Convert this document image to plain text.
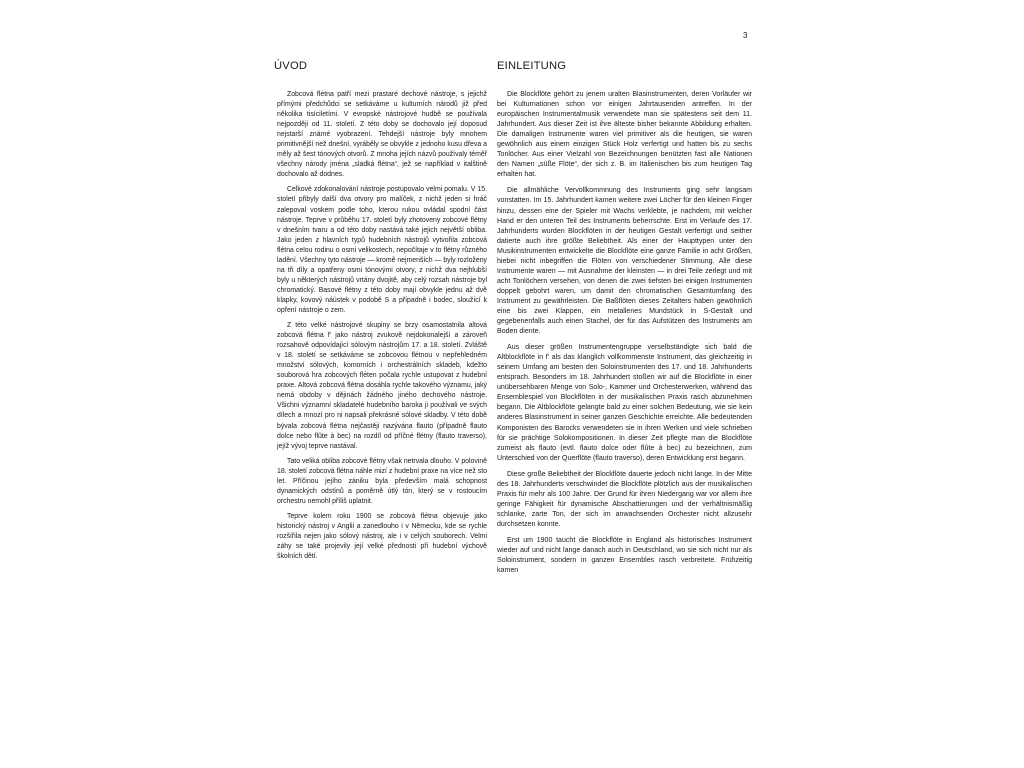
3
ÚVOD

Zobcová flétna patří mezi prastaré dechové nástroje, s jejichž přímými předchůdci se setkáváme u kulturních národů již před několika tisíciletími. V evropské nástrojové hudbě se používala nejpozději od 11. století. Z této doby se dochovalo její doposud nejstarší známé vyobrazení. Tehdejší nástroje byly mnohem primitivnější než dnešní, vyráběly se obvykle z jednoho kusu dřeva a měly až šest tónových otvorů. Z mnoha jejích názvů používaly téměř všechny národy jména „sladká flétna“, jež se například v italštině dochovalo až dodnes.

Celkové zdokonalování nástroje postupovalo velmi pomalu. V 15. století přibyly další dva otvory pro malíček, z nichž jeden si hráč zalepoval voskem podle toho, kterou rukou ovládal spodní část nástroje. Teprve v průběhu 17. století byly zhotoveny zobcové flétny v dnešním tvaru a od této doby nastává také jejich největší obliba. Jako jeden z hlavních typů hudebních nástrojů vytvořila zobcová flétna celou rodinu o osmi velikostech, nepočítaje v to flétny různého ladění. Všechny tyto nástroje — kromě nejmenších — byly rozloženy na tři díly a opatřeny osmi tónovými otvory, z nichž dva nejhlubší byly u některých nástrojů vrtány dvojitě, aby celý rozsah nástroje byl chromatický. Basové flétny z této doby mají obvykle jednu až dvě klapky, kovový náústek v podobě S a případně i bodec, sloužící k opření nástroje o zem.

Z této velké nástrojové skupiny se brzy osamostatnila altová zobcová flétna f' jako nástroj zvukově nejdokonalejší a zároveň rozsahově odpovídající sólovým nástrojům 17. a 18. století. Zvláště v 18. století se setkáváme se zobcovou flétnou v nepřehledném množství sólových, komorních i orchestrálních skladeb, kdežto souborová hra zobcových fléten počala rychle ustupovat z hudební praxe. Altová zobcová flétna dosáhla rychle takového významu, jaký nemá obdoby v dějinách žádného jiného dechového nástroje. Všichni významní skladatelé hudebního baroka ji používali ve svých dílech a mnozí pro ni napsali překrásné sólové skladby. V této době bývala zobcová flétna nejčastěji nazývána flauto (případně flauto dolce nebo flûte à bec) na rozdíl od příčné flétny (flauto traverso), jejíž vývoj teprve nastával.

Tato veliká obliba zobcové flétny však netrvala dlouho. V polovině 18. století zobcová flétna náhle mizí z hudební praxe na více než sto let. Příčinou jejího zániku byla především malá schopnost dynamických odstínů a poměrně útlý tón, který se v rostoucím orchestru nemohl příliš uplatnit.

Teprve kolem roku 1900 se zobcová flétna objevuje jako historický nástroj v Anglii a zanedlouho i v Německu, kde se rychle rozšířila nejen jako sólový nástroj, ale i v celých souborech. Velmi záhy se také projevily její velké přednosti při hudební výchově školních dětí.

EINLEITUNG

Die Blockflöte gehört zu jenem uralten Blasinstrumenten, deren Vorläufer wir bei Kulturnationen schon vor einigen Jahrtausenden antreffen. In der europäischen Instrumentalmusik verwendete man sie spätestens seit dem 11. Jahrhundert. Aus dieser Zeit ist ihre älteste bisher bekannte Abbildung erhalten. Die damaligen Instrumente waren viel primitiver als die heutigen, sie waren gewöhnlich aus einem einzigen Stück Holz verfertigt und hatten bis zu sechs Tonlöcher. Aus einer Vielzahl von Bezeichnungen benützten fast alle Nationen den Namen „süße Flöte“, der sich z. B. im Italienischen bis zum heutigen Tag erhalten hat.

Die allmähliche Vervollkommnung des Instruments ging sehr langsam vonstatten. Im 15. Jahrhundert kamen weitere zwei Löcher für den kleinen Finger hinzu, dessen eine der Spieler mit Wachs verklebte, je nachdem, mit welcher Hand er den unteren Teil des Instruments beherrschte. Erst im Verlaufe des 17. Jahrhunderts wurden Blockflöten in der heutigen Gestalt verfertigt und seither datierte auch ihre größte Beliebtheit. Als einer der Haupttypen unter den Musikinstrumenten entwickelte die Blockflöte eine ganze Familie in acht Größen, hiebei nicht inbegriffen die Flöten von verschiedener Stimmung. Alle diese Instrumente waren — mit Ausnahme der kleinsten — in drei Teile zerlegt und mit acht Tonlöchern versehen, von denen die zwei tiefsten bei einigen Instrumenten doppelt gebohrt waren, um damit den chromatischen Gesamtumfang des Instrument zu gewährleisten. Die Baßflöten dieses Zeitalters haben gewöhnlich eine bis zwei Klappen, ein metallenes Mundstück in S-Gestalt und gegebenenfalls auch einen Stachel, der für das Aufstützen des Instruments am Boden diente.

Aus dieser größen Instrumentengruppe verselbständigte sich bald die Altblockflöte in f' als das klanglich vollkommenste Instrument, das gleichzeitig in seinem Umfang am besten den Soloinstrumenten des 17. und 18. Jahrhunderts entsprach. Besonders im 18. Jahrhundert stoßen wir auf die Blockflöte in einer unübersehbaren Menge von Solo-, Kammer und Orchesterwerken, während das Ensemblespiel von Blockflöten in der musikalischen Praxis rasch abzunehmen begann. Die Altblockflöte gelangte bald zu einer solchen Bedeutung, wie sie kein anderes Blasinstrument in seiner ganzen Geschichte erreichte. Alle bedeutenden Komponisten des Barocks verwendeten sie in ihren Werken und viele schrieben für sie prächtige Solokompositionen. In dieser Zeit pflegte man die Blockflöte zumeist als flauto (evtl. flauto dolce oder flûte à bec) zu bezeichnen, zum Unterschied von der Querflöte (flauto traverso), deren Entwicklung erst begann.

Diese große Beliebtheit der Blockflöte dauerte jedoch nicht lange. In der Mitte des 18. Jahrhunderts verschwindet die Blockflöte plötzlich aus der musikalischen Praxis für mehr als 100 Jahre. Der Grund für ihren Niedergang war vor allem ihre geringe Fähigkeit für dynamische Abschattierungen und der verhältnismäßig schlanke, zarte Ton, der sich im anwachsenden Orchester nicht allzusehr durchsetzen konnte.

Erst um 1900 taucht die Blockflöte in England als historisches Instrument wieder auf und nicht lange danach auch in Deutschland, wo sie sich nicht nur als Soloinstrument, sondern in ganzen Ensembles rasch verbreitete. Frühzeitig kamen
